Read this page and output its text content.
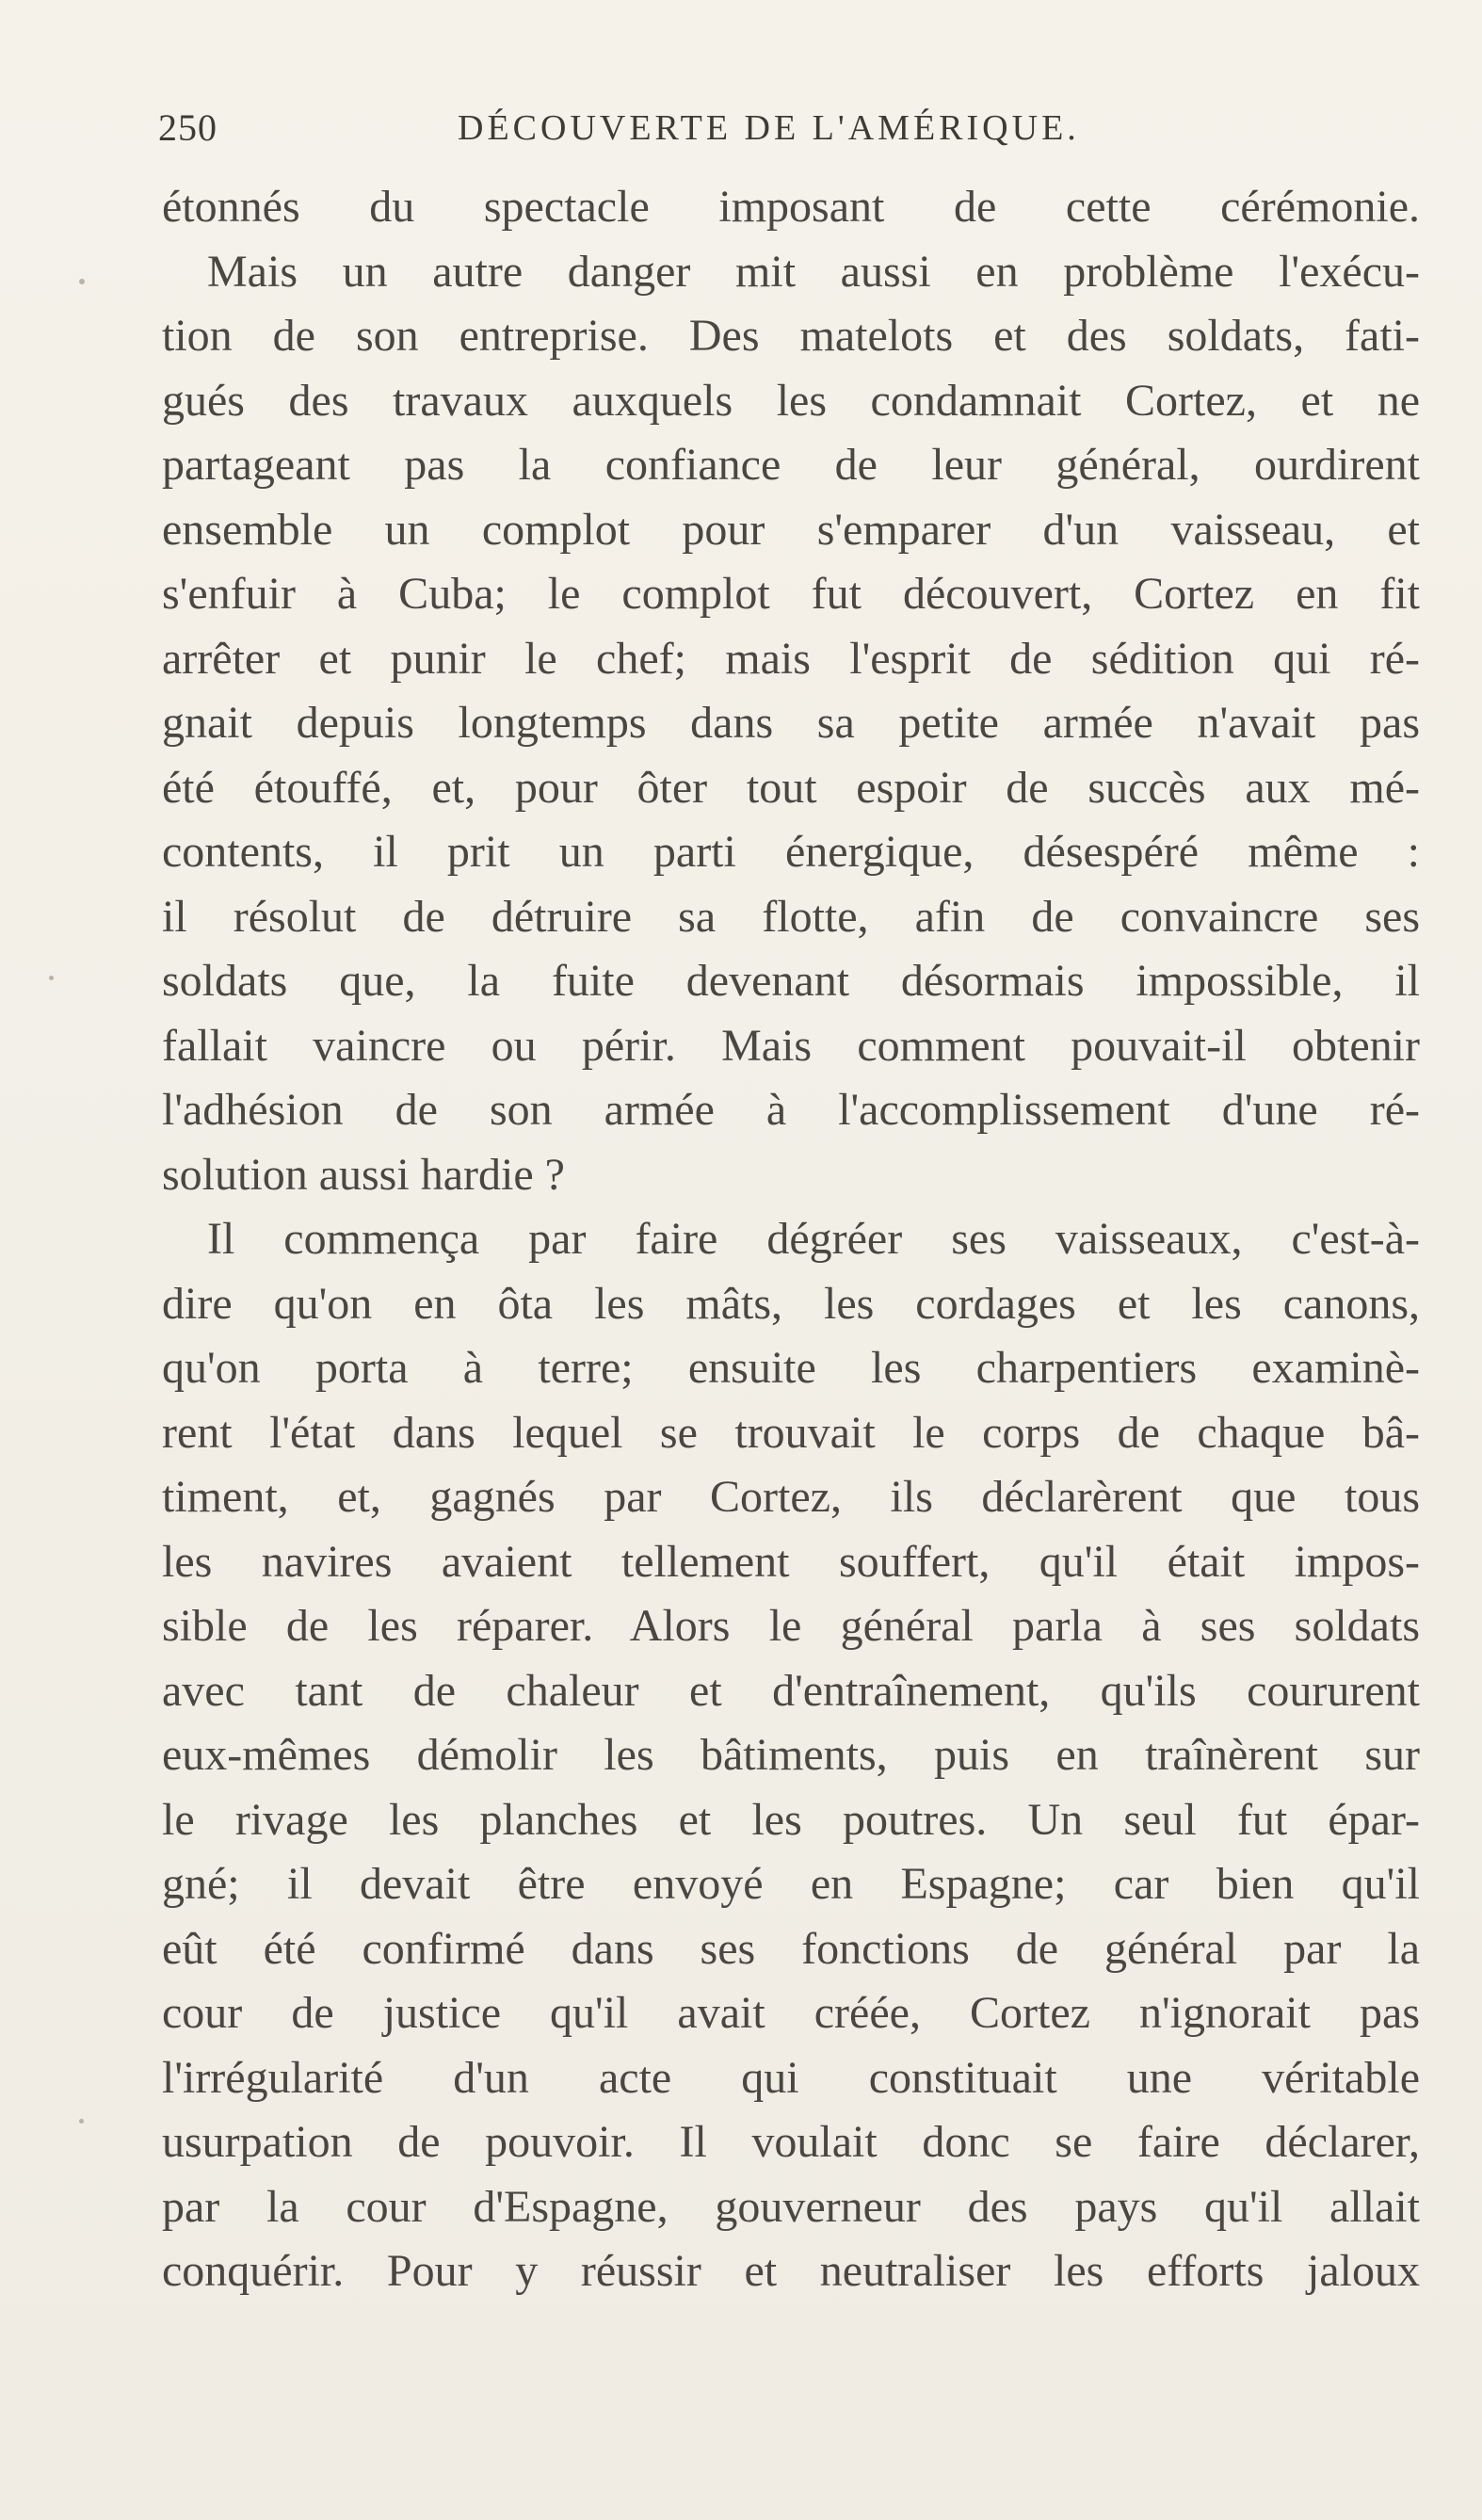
250	DÉCOUVERTE DE L'AMÉRIQUE.
étonnés du spectacle imposant de cette cérémonie.
Mais un autre danger mit aussi en problème l'exécu-
tion de son entreprise. Des matelots et des soldats, fati-
gués des travaux auxquels les condamnait Cortez, et ne
partageant pas la confiance de leur général, ourdirent
ensemble un complot pour s'emparer d'un vaisseau, et
s'enfuir à Cuba; le complot fut découvert, Cortez en fit
arrêter et punir le chef; mais l'esprit de sédition qui ré-
gnait depuis longtemps dans sa petite armée n'avait pas
été étouffé, et, pour ôter tout espoir de succès aux mé-
contents, il prit un parti énergique, désespéré même :
il résolut de détruire sa flotte, afin de convaincre ses
soldats que, la fuite devenant désormais impossible, il
fallait vaincre ou périr. Mais comment pouvait-il obtenir
l'adhésion de son armée à l'accomplissement d'une ré-
solution aussi hardie ?
Il commença par faire dégréer ses vaisseaux, c'est-à-
dire qu'on en ôta les mâts, les cordages et les canons,
qu'on porta à terre; ensuite les charpentiers examinè-
rent l'état dans lequel se trouvait le corps de chaque bâ-
timent, et, gagnés par Cortez, ils déclarèrent que tous
les navires avaient tellement souffert, qu'il était impos-
sible de les réparer. Alors le général parla à ses soldats
avec tant de chaleur et d'entraînement, qu'ils coururent
eux-mêmes démolir les bâtiments, puis en traînèrent sur
le rivage les planches et les poutres. Un seul fut épar-
gné; il devait être envoyé en Espagne; car bien qu'il
eût été confirmé dans ses fonctions de général par la
cour de justice qu'il avait créée, Cortez n'ignorait pas
l'irrégularité d'un acte qui constituait une véritable
usurpation de pouvoir. Il voulait donc se faire déclarer,
par la cour d'Espagne, gouverneur des pays qu'il allait
conquérir. Pour y réussir et neutraliser les efforts jaloux
